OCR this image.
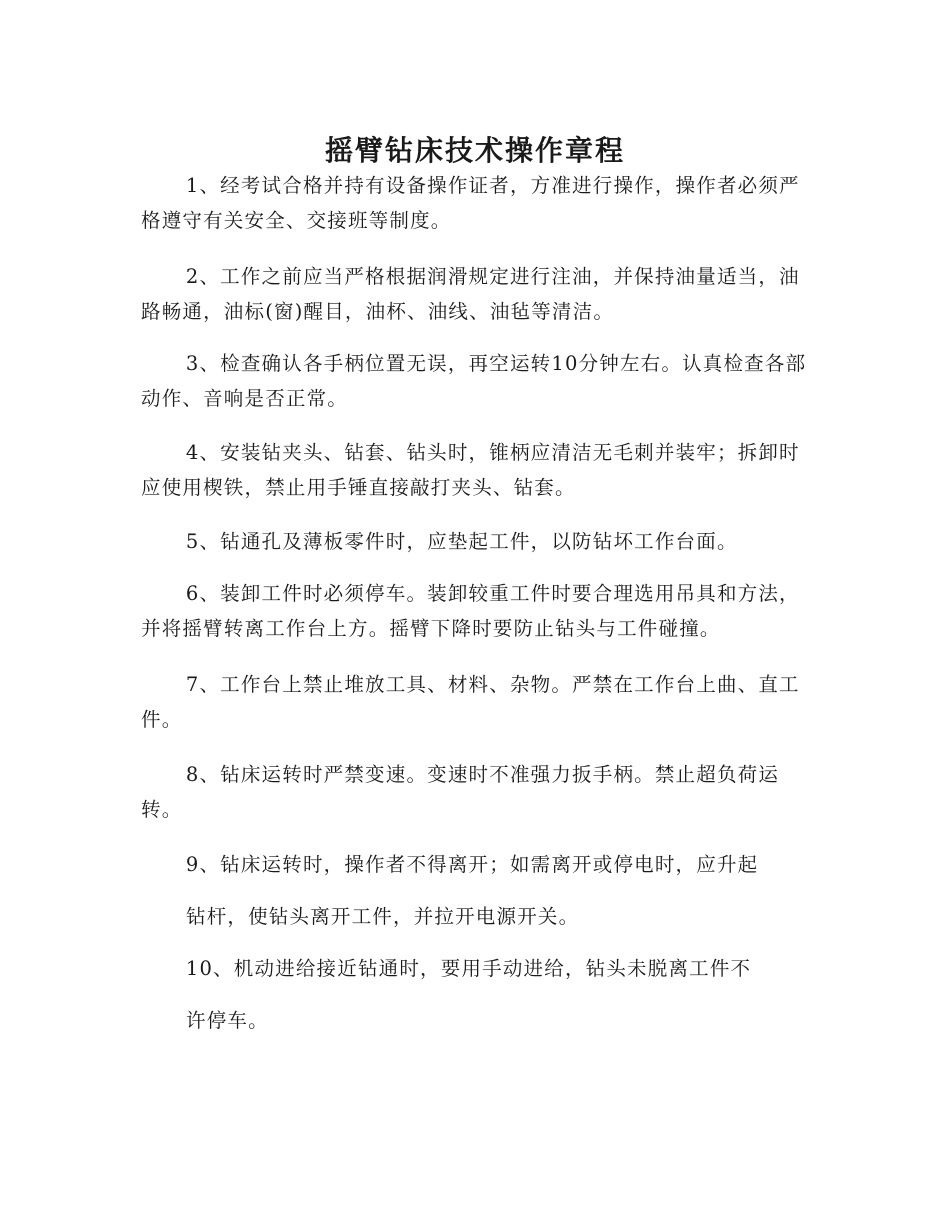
摇臂钻床技术操作章程

1、经考试合格并持有设备操作证者，方准进行操作，操作者必须严格遵守有关安全、交接班等制度。

2、工作之前应当严格根据润滑规定进行注油，并保持油量适当，油路畅通，油标(窗)醒目，油杯、油线、油毡等清洁。

3、检查确认各手柄位置无误，再空运转10分钟左右。认真检查各部动作、音响是否正常。

4、安装钻夹头、钻套、钻头时，锥柄应清洁无毛刺并装牢；拆卸时应使用楔铁，禁止用手锤直接敲打夹头、钻套。

5、钻通孔及薄板零件时，应垫起工件，以防钻坏工作台面。

6、装卸工件时必须停车。装卸较重工件时要合理选用吊具和方法，并将摇臂转离工作台上方。摇臂下降时要防止钻头与工件碰撞。

7、工作台上禁止堆放工具、材料、杂物。严禁在工作台上曲、直工件。

8、钻床运转时严禁变速。变速时不准强力扳手柄。禁止超负荷运转。

9、钻床运转时，操作者不得离开；如需离开或停电时，应升起

钻杆，使钻头离开工件，并拉开电源开关。

10、机动进给接近钻通时，要用手动进给，钻头未脱离工件不

许停车。
